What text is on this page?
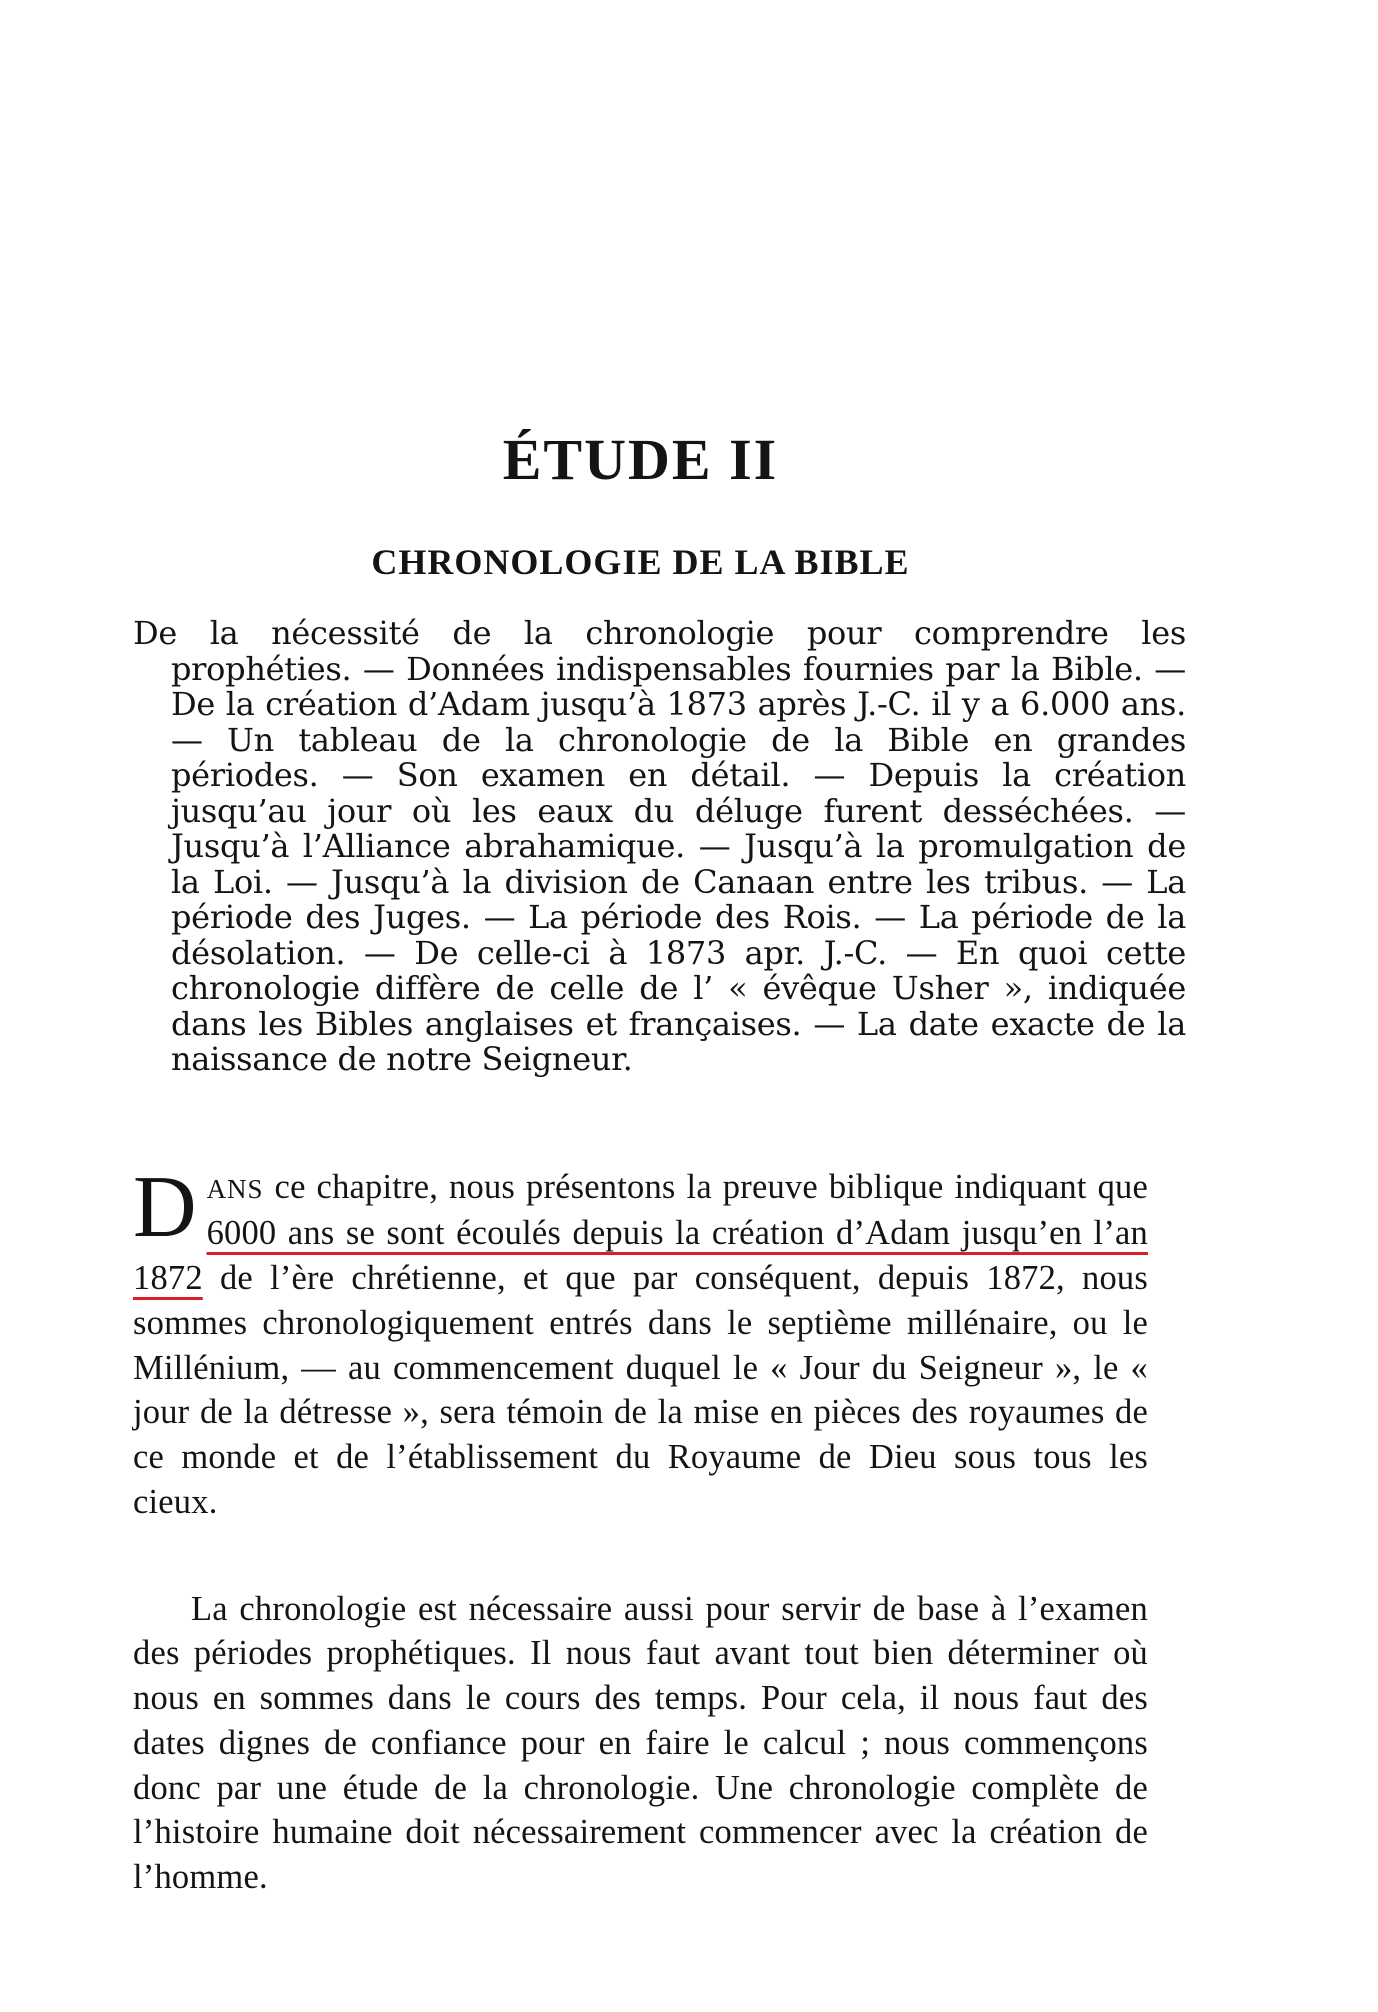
ÉTUDE II
CHRONOLOGIE DE LA BIBLE

De la nécessité de la chronologie pour comprendre les prophéties. — Données indispensables fournies par la Bible. — De la création d’Adam jusqu’à 1873 après J.-C. il y a 6.000 ans. — Un tableau de la chronologie de la Bible en grandes périodes. — Son examen en détail. — Depuis la création jusqu’au jour où les eaux du déluge furent desséchées. — Jusqu’à l’Alliance abrahamique. — Jusqu’à la promulgation de la Loi. — Jusqu’à la division de Canaan entre les tribus. — La période des Juges. — La période des Rois. — La période de la désolation. — De celle-ci à 1873 apr. J.-C. — En quoi cette chronologie diffère de celle de l’ « évêque Usher », indiquée dans les Bibles anglaises et françaises. — La date exacte de la naissance de notre Seigneur.

DANS ce chapitre, nous présentons la preuve biblique indiquant que 6000 ans se sont écoulés depuis la création d’Adam jusqu’en l’an 1872 de l’ère chrétienne, et que par conséquent, depuis 1872, nous sommes chronologiquement entrés dans le septième millénaire, ou le Millénium, — au commencement duquel le « Jour du Seigneur », le « jour de la détresse », sera témoin de la mise en pièces des royaumes de ce monde et de l’établissement du Royaume de Dieu sous tous les cieux.

La chronologie est nécessaire aussi pour servir de base à l’examen des périodes prophétiques. Il nous faut avant tout bien déterminer où nous en sommes dans le cours des temps. Pour cela, il nous faut des dates dignes de confiance pour en faire le calcul ; nous commençons donc par une étude de la chronologie. Une chronologie complète de l’histoire humaine doit nécessairement commencer avec la création de l’homme.
